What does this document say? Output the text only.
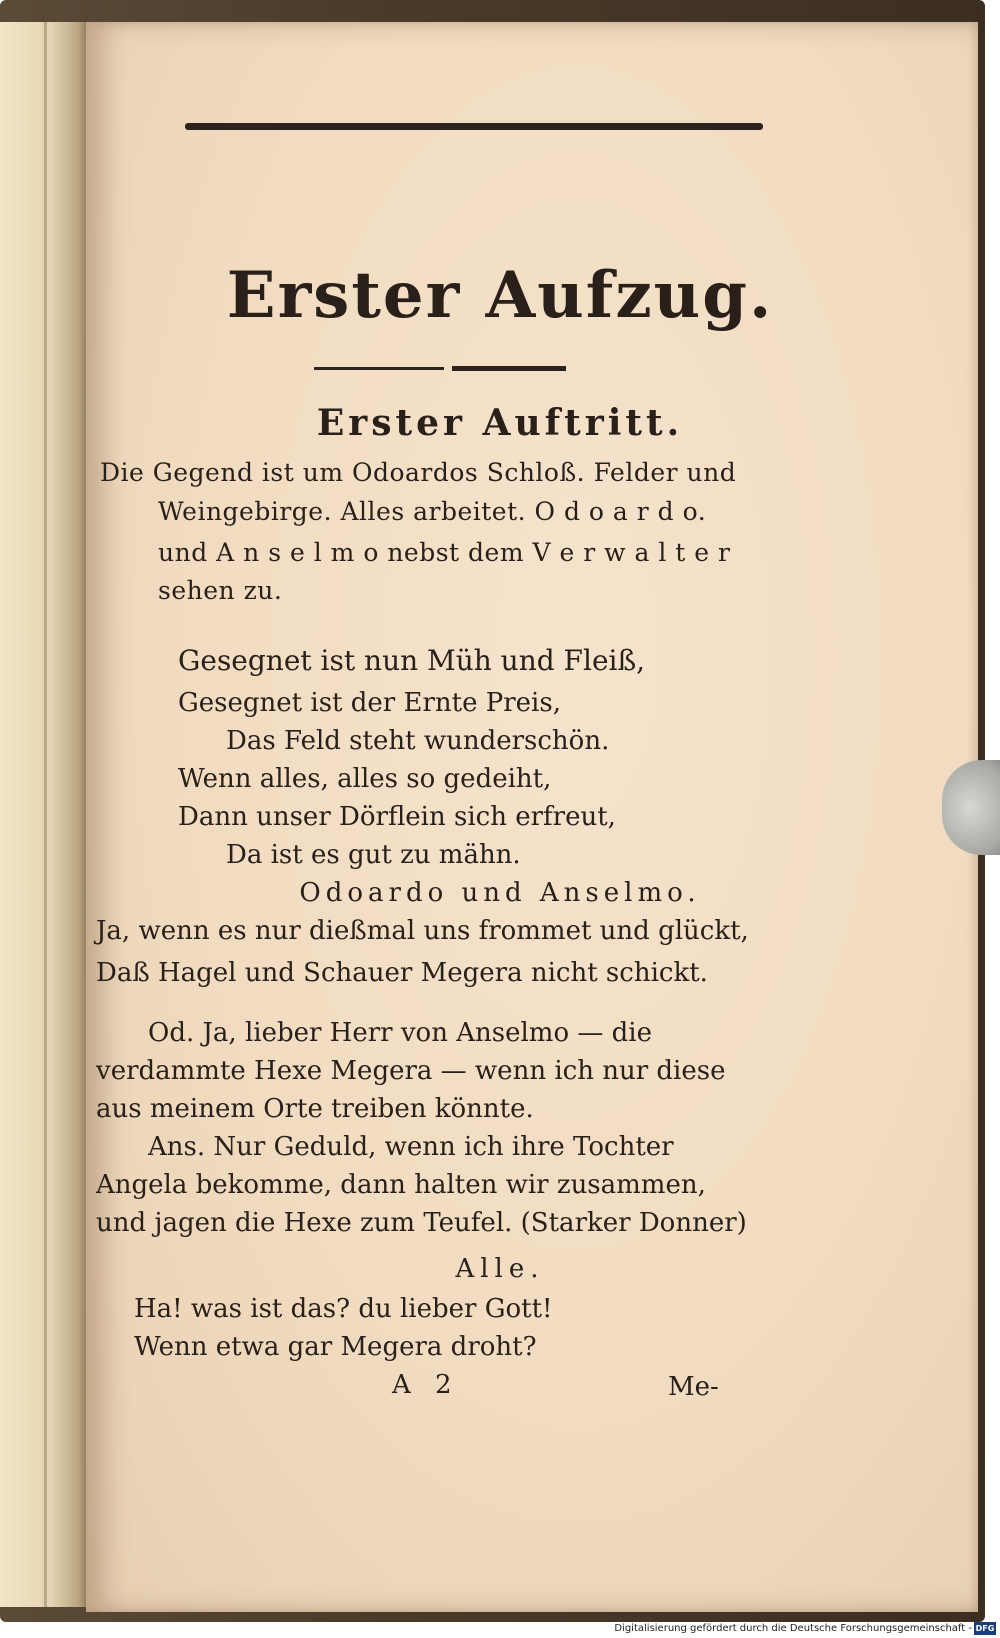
Erster Aufzug.
Erster Auftritt.
Die Gegend ist um Odoardos Schloß. Felder und
Weingebirge. Alles arbeitet. O d o a r d o.
und A n s e l m o nebst dem V e r w a l t e r
sehen zu.
Gesegnet ist nun Müh und Fleiß,
Gesegnet ist der Ernte Preis,
Das Feld steht wunderschön.
Wenn alles, alles so gedeiht,
Dann unser Dörflein sich erfreut,
Da ist es gut zu mähn.
Odoardo und Anselmo.
Ja, wenn es nur dießmal uns frommet und glückt,
Daß Hagel und Schauer Megera nicht schickt.
Od. Ja, lieber Herr von Anselmo — die
verdammte Hexe Megera — wenn ich nur diese
aus meinem Orte treiben könnte.
Ans. Nur Geduld, wenn ich ihre Tochter
Angela bekomme, dann halten wir zusammen,
und jagen die Hexe zum Teufel. (Starker Donner)
Alle.
Ha! was ist das? du lieber Gott!
Wenn etwa gar Megera droht?
A 2	Me-
Digitalisierung gefördert durch die Deutsche Forschungsgemeinschaft - DFG
